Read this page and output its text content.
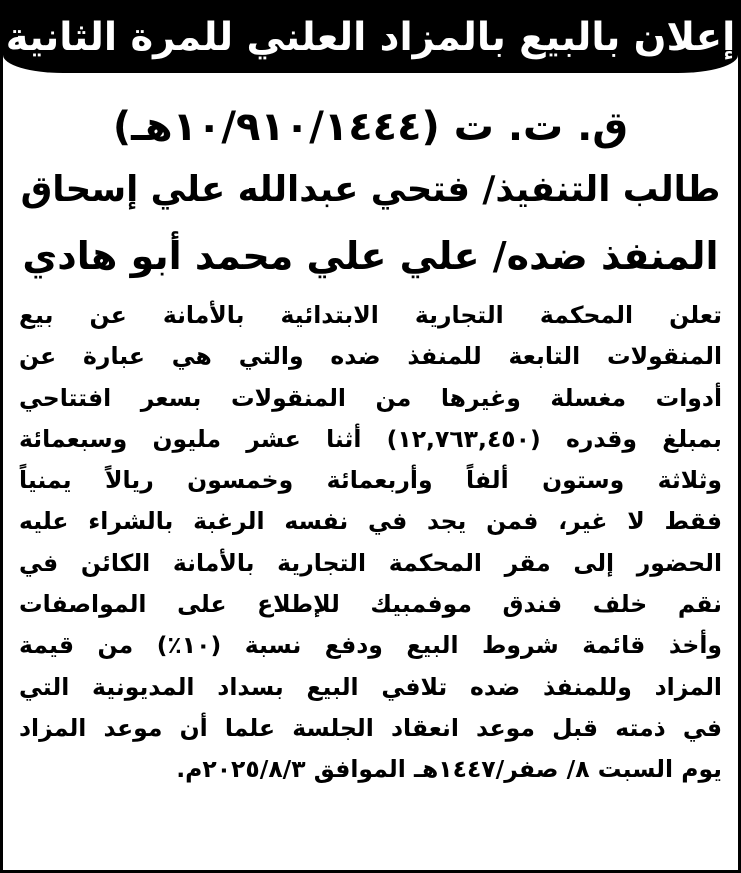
إعلان بالبيع بالمزاد العلني للمرة الثانية
ق. ت. ت (١٠/٩١٠/١٤٤٤هـ)
طالب التنفيذ/ فتحي عبدالله علي إسحاق
المنفذ ضده/ علي علي محمد أبو هادي
تعلن المحكمة التجارية الابتدائية بالأمانة عن بيع
المنقولات التابعة للمنفذ ضده والتي هي عبارة عن
أدوات مغسلة وغيرها من المنقولات بسعر افتتاحي
بمبلغ وقدره (١٢,٧٦٣,٤٥٠) أثنا عشر مليون وسبعمائة
وثلاثة وستون ألفاً وأربعمائة وخمسون ريالاً يمنياً
فقط لا غير، فمن يجد في نفسه الرغبة بالشراء عليه
الحضور إلى مقر المحكمة التجارية بالأمانة الكائن في
نقم خلف فندق موفمبيك للإطلاع على المواصفات
وأخذ قائمة شروط البيع ودفع نسبة (١٠٪) من قيمة
المزاد وللمنفذ ضده تلافي البيع بسداد المديونية التي
في ذمته قبل موعد انعقاد الجلسة علما أن موعد المزاد
يوم السبت ٨/ صفر/١٤٤٧هـ الموافق ٢٠٢٥/٨/٣م.
